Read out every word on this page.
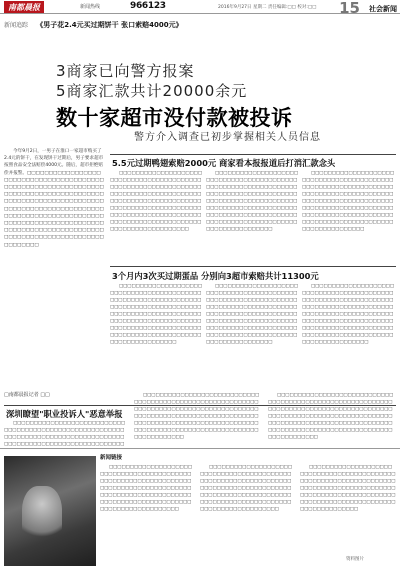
南都晨报	新闻热线	966123	2016年9月27日 星期二 责任编辑:□□ 校对:□□ 15 社会新闻
新闻追踪 《男子花2.4元买过期饼干 张口索赔4000元》
3商家已向警方报案
5商家汇款共计20000余元
数十家超市没付款被投诉
警方介入调查已初步掌握相关人员信息
今年9月2日，一男子在淮口一家超市购买了2.4元的饼干，在发现饼干过期后，男子要求超市按照食品安全法赔偿4000元。随后，超市拒绝赔偿并报警。□□□□□□□□□□□□□□□□□□□□□□□□□□□□□□□□□□□□□□□□□□□□□□□□□□□□□□□□□□□□□□□□□□□□□□□□□□□□□□□□□□□□□□□□□□□□□□□□□□□□□□□□□□□□□□□□□□□□□□□□□□□□□□□□□□□□□□□□□□□□□□□□□□□□□□□□□□□□□□□□□□□□□□□□□□□□□□□□□□□□□□□□□□□□□□□□□□□□□□□□□□□□□□□□□□□□□□□□□□□□□□□□□□□□□□□□
□南都晨报记者 □□
5.5元过期鸭翅索赔2000元 商家看本报报道后打消汇款念头
□□□□□□□□□□□□□□□□□□□□□□□□□□□□□□□□□□□□□□□□□□□□□□□□□□□□□□□□□□□□□□□□□□□□□□□□□□□□□□□□□□□□□□□□□□□□□□□□□□□□□□□□□□□□□□□□□□□□□□□□□□□□□□□□□□□□□□□□□□□□□□□□□□□□□□□□□□□□□□□□□□□□□□□□□□□□□□□□□□□□□□□□□□□□□□□□□
□□□□□□□□□□□□□□□□□□□□□□□□□□□□□□□□□□□□□□□□□□□□□□□□□□□□□□□□□□□□□□□□□□□□□□□□□□□□□□□□□□□□□□□□□□□□□□□□□□□□□□□□□□□□□□□□□□□□□□□□□□□□□□□□□□□□□□□□□□□□□□□□□□□□□□□□□□□□□□□□□□□□□□□□□□□□□□□□□□□□□□□□□□□□□□
□□□□□□□□□□□□□□□□□□□□□□□□□□□□□□□□□□□□□□□□□□□□□□□□□□□□□□□□□□□□□□□□□□□□□□□□□□□□□□□□□□□□□□□□□□□□□□□□□□□□□□□□□□□□□□□□□□□□□□□□□□□□□□□□□□□□□□□□□□□□□□□□□□□□□□□□□□□□□□□□□□□□□□□□□□□□□□□□□□□□□□□□□□□□□
3个月内3次买过期蛋品 分别向3超市索赔共计11300元
□□□□□□□□□□□□□□□□□□□□□□□□□□□□□□□□□□□□□□□□□□□□□□□□□□□□□□□□□□□□□□□□□□□□□□□□□□□□□□□□□□□□□□□□□□□□□□□□□□□□□□□□□□□□□□□□□□□□□□□□□□□□□□□□□□□□□□□□□□□□□□□□□□□□□□□□□□□□□□□□□□□□□□□□□□□□□□□□□□□□□□□□□□□□□□
□□□□□□□□□□□□□□□□□□□□□□□□□□□□□□□□□□□□□□□□□□□□□□□□□□□□□□□□□□□□□□□□□□□□□□□□□□□□□□□□□□□□□□□□□□□□□□□□□□□□□□□□□□□□□□□□□□□□□□□□□□□□□□□□□□□□□□□□□□□□□□□□□□□□□□□□□□□□□□□□□□□□□□□□□□□□□□□□□□□□□□□□□□□□□□
□□□□□□□□□□□□□□□□□□□□□□□□□□□□□□□□□□□□□□□□□□□□□□□□□□□□□□□□□□□□□□□□□□□□□□□□□□□□□□□□□□□□□□□□□□□□□□□□□□□□□□□□□□□□□□□□□□□□□□□□□□□□□□□□□□□□□□□□□□□□□□□□□□□□□□□□□□□□□□□□□□□□□□□□□□□□□□□□□□□□□□□□□□□□□□
深圳瞭望"职业投诉人"恶意举报
□□□□□□□□□□□□□□□□□□□□□□□□□□□□□□□□□□□□□□□□□□□□□□□□□□□□□□□□□□□□□□□□□□□□□□□□□□□□□□□□□□□□□□□□□□□□□□□□□□□□□□□□□□□□□□□□□□
□□□□□□□□□□□□□□□□□□□□□□□□□□□□□□□□□□□□□□□□□□□□□□□□□□□□□□□□□□□□□□□□□□□□□□□□□□□□□□□□□□□□□□□□□□□□□□□□□□□□□□□□□□□□□□□□□□□□□□□□□□□□□□□□□□□□□□□□□□□□□□□□□□□□□□□□□□□□□□□□□□□□□□□□□□□□□□□□□□□□□□□□□□□□□□
□□□□□□□□□□□□□□□□□□□□□□□□□□□□□□□□□□□□□□□□□□□□□□□□□□□□□□□□□□□□□□□□□□□□□□□□□□□□□□□□□□□□□□□□□□□□□□□□□□□□□□□□□□□□□□□□□□□□□□□□□□□□□□□□□□□□□□□□□□□□□□□□□□□□□□□□□□□□□□□□□□□□□□□□□□□□□□□□□□□□□□□□□□□□□□
新闻链接
□□□□□□□□□□□□□□□□□□□□□□□□□□□□□□□□□□□□□□□□□□□□□□□□□□□□□□□□□□□□□□□□□□□□□□□□□□□□□□□□□□□□□□□□□□□□□□□□□□□□□□□□□□□□□□□□□□□□□□□□□□□□□□□□□□□□□□□□□□□□□□□□□□□□□
□□□□□□□□□□□□□□□□□□□□□□□□□□□□□□□□□□□□□□□□□□□□□□□□□□□□□□□□□□□□□□□□□□□□□□□□□□□□□□□□□□□□□□□□□□□□□□□□□□□□□□□□□□□□□□□□□□□□□□□□□□□□□□□□□□□□□□□□□□□□□□□□□□□□□
□□□□□□□□□□□□□□□□□□□□□□□□□□□□□□□□□□□□□□□□□□□□□□□□□□□□□□□□□□□□□□□□□□□□□□□□□□□□□□□□□□□□□□□□□□□□□□□□□□□□□□□□□□□□□□□□□□□□□□□□□□□□□□□□□□□□□□□□□□□□□□□□□□□□□
资料图片
